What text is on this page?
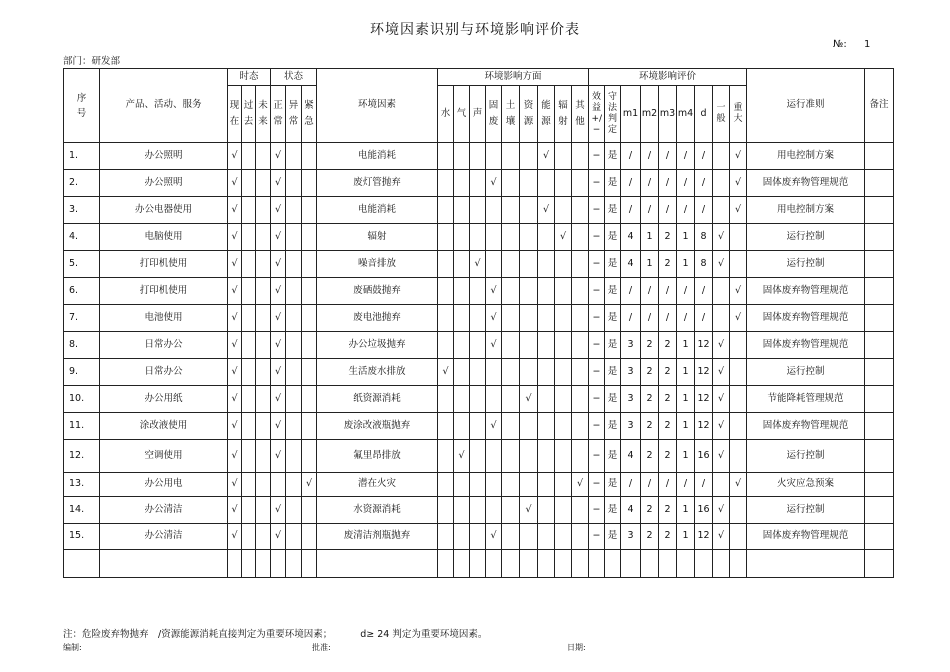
环境因素识别与环境影响评价表
№: 1
部门：研发部
序号	产品、活动、服务	时态			状态			环境因素	环境影响方面									环境影响评价									运行准则	备注
		现在	过去	未来	正常	异常	紧急		水	气	声	固废	土壤	资源	能源	辐射	其他	效益+/−	守法判定	m1	m2	m3	m4	d	一般	重大		
1.	办公照明	√			√			电能消耗							√			−	是	/	/	/	/	/		√	用电控制方案	
2.	办公照明	√			√			废灯管抛弃				√						−	是	/	/	/	/	/		√	固体废弃物管理规范	
3.	办公电器使用	√			√			电能消耗							√			−	是	/	/	/	/	/		√	用电控制方案	
4.	电脑使用	√			√			辐射								√		−	是	4	1	2	1	8	√		运行控制	
5.	打印机使用	√			√			噪音排放			√							−	是	4	1	2	1	8	√		运行控制	
6.	打印机使用	√			√			废硒鼓抛弃				√						−	是	/	/	/	/	/		√	固体废弃物管理规范	
7.	电池使用	√			√			废电池抛弃				√						−	是	/	/	/	/	/		√	固体废弃物管理规范	
8.	日常办公	√			√			办公垃圾抛弃				√						−	是	3	2	2	1	12	√		固体废弃物管理规范	
9.	日常办公	√			√			生活废水排放	√									−	是	3	2	2	1	12	√		运行控制	
10.	办公用纸	√			√			纸资源消耗						√				−	是	3	2	2	1	12	√		节能降耗管理规范	
11.	涂改液使用	√			√			废涂改液瓶抛弃				√						−	是	3	2	2	1	12	√		固体废弃物管理规范	
12.	空调使用	√			√			氟里昂排放		√								−	是	4	2	2	1	16	√		运行控制	
13.	办公用电	√					√	潜在火灾									√	−	是	/	/	/	/	/		√	火灾应急预案	
14.	办公清洁	√			√			水资源消耗						√				−	是	4	2	2	1	16	√		运行控制	
15.	办公清洁	√			√			废清洁剂瓶抛弃				√						−	是	3	2	2	1	12	√		固体废弃物管理规范	

注：危险废弃物抛弃　/资源能源消耗直接判定为重要环境因素；	d≥ 24 判定为重要环境因素。
编制:	批准:	日期:
